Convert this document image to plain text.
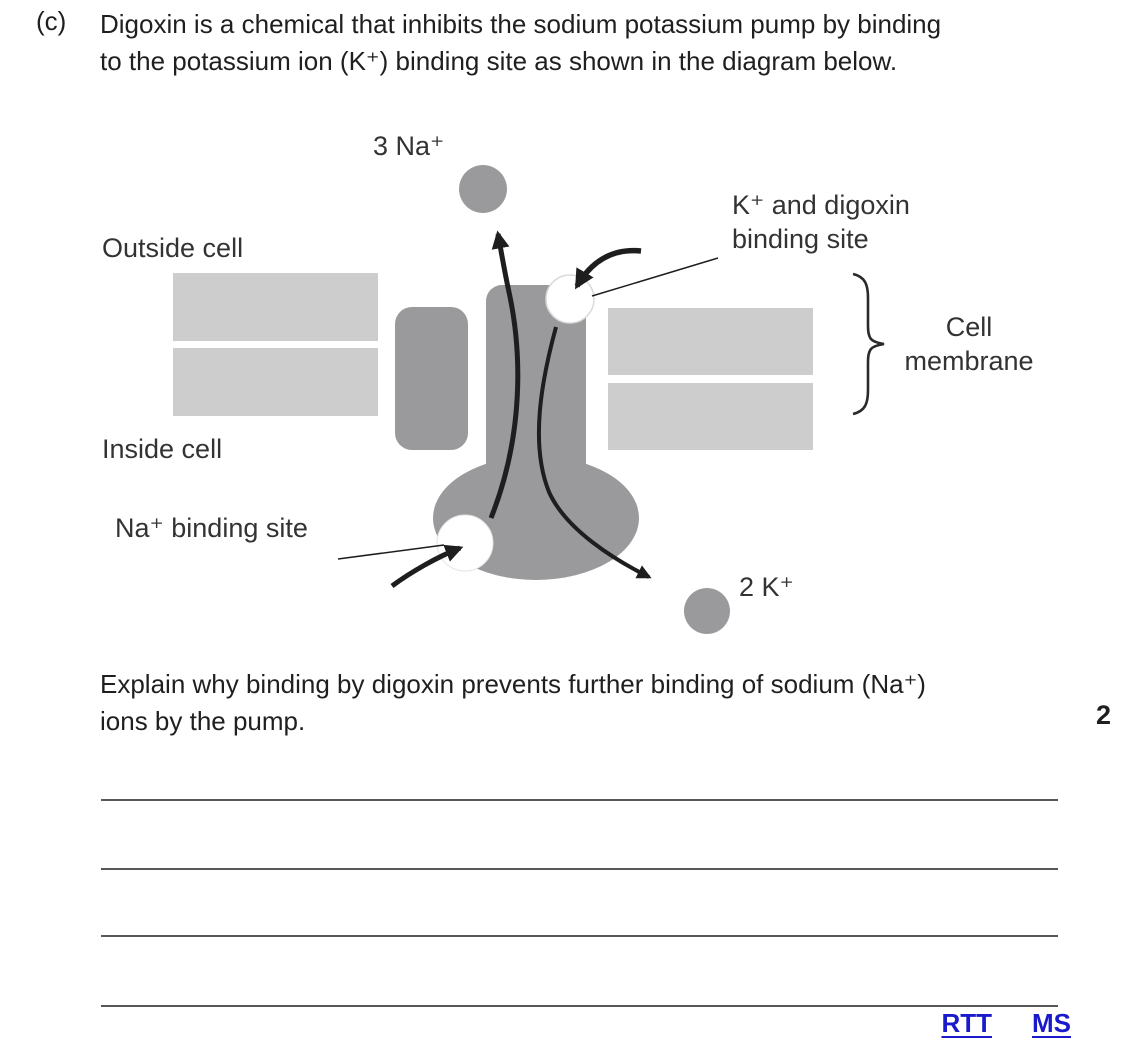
(c) Digoxin is a chemical that inhibits the sodium potassium pump by binding
to the potassium ion (K⁺) binding site as shown in the diagram below.
3 Na⁺
Outside cell
K⁺ and digoxin
binding site
Cell
membrane
Inside cell
Na⁺ binding site
2 K⁺
Explain why binding by digoxin prevents further binding of sodium (Na⁺)
ions by the pump.	2
RTT MS
